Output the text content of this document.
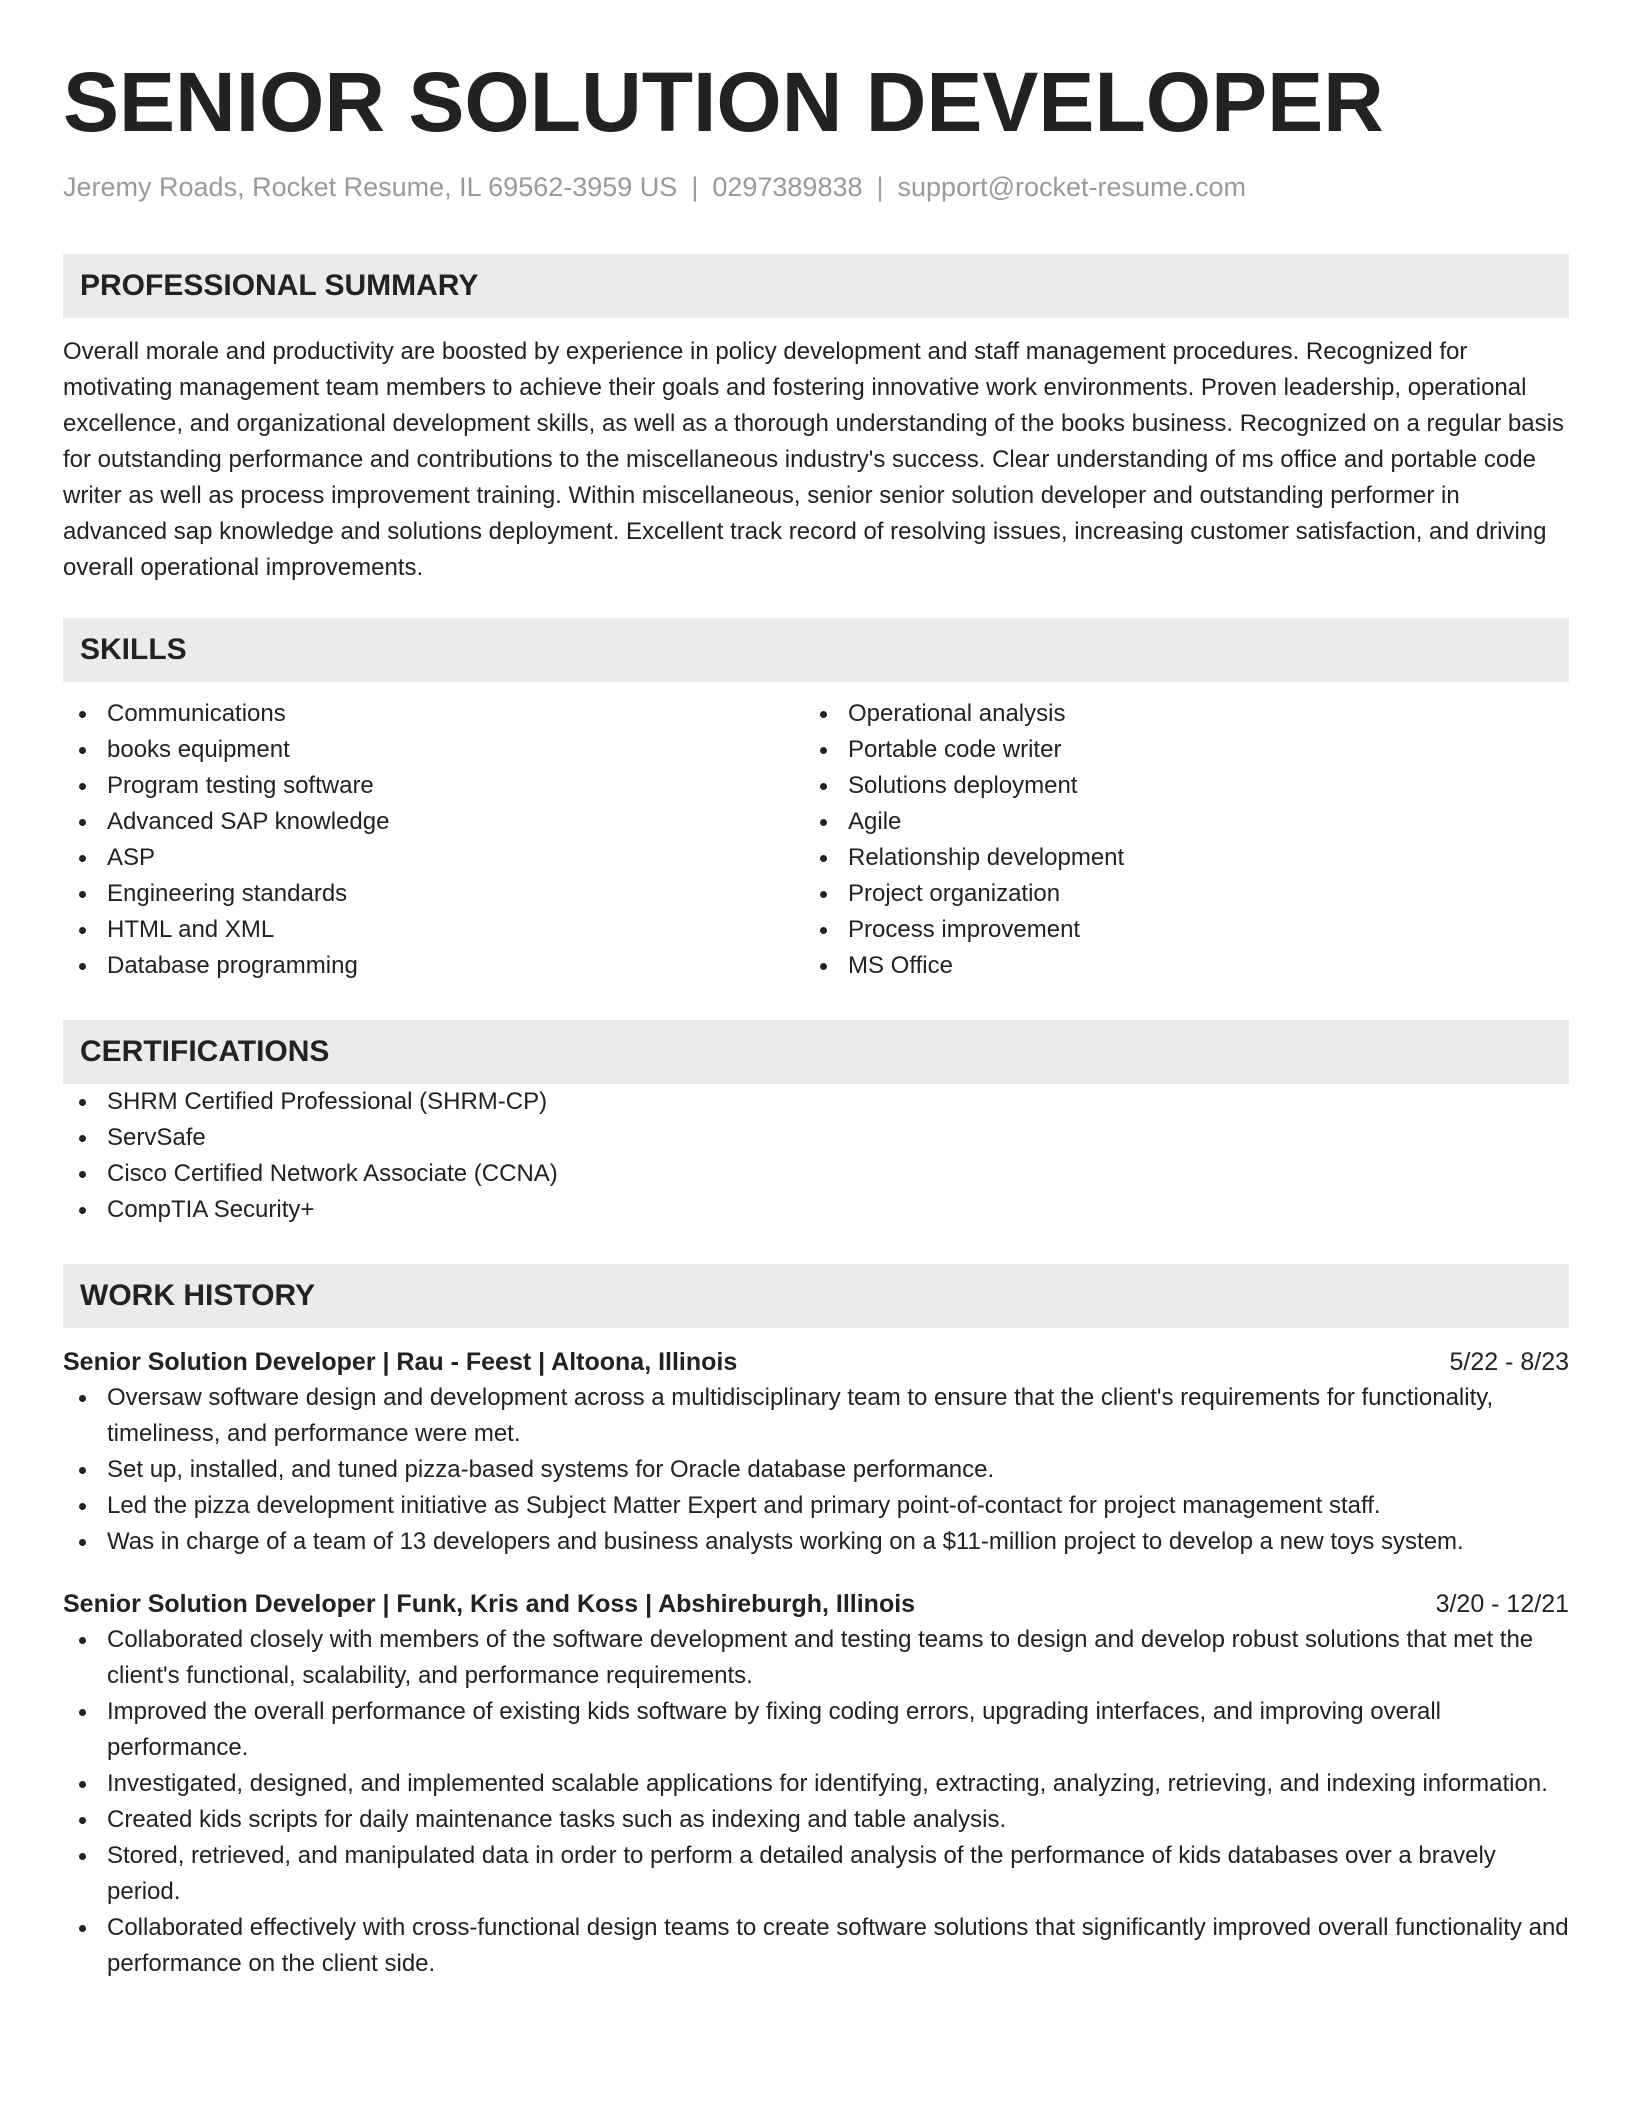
SENIOR SOLUTION DEVELOPER
Jeremy Roads, Rocket Resume, IL 69562-3959 US | 0297389838 | support@rocket-resume.com
PROFESSIONAL SUMMARY
Overall morale and productivity are boosted by experience in policy development and staff management procedures. Recognized for motivating management team members to achieve their goals and fostering innovative work environments. Proven leadership, operational excellence, and organizational development skills, as well as a thorough understanding of the books business. Recognized on a regular basis for outstanding performance and contributions to the miscellaneous industry's success. Clear understanding of ms office and portable code writer as well as process improvement training. Within miscellaneous, senior senior solution developer and outstanding performer in advanced sap knowledge and solutions deployment. Excellent track record of resolving issues, increasing customer satisfaction, and driving overall operational improvements.
SKILLS
Communications
books equipment
Program testing software
Advanced SAP knowledge
ASP
Engineering standards
HTML and XML
Database programming
Operational analysis
Portable code writer
Solutions deployment
Agile
Relationship development
Project organization
Process improvement
MS Office
CERTIFICATIONS
SHRM Certified Professional (SHRM-CP)
ServSafe
Cisco Certified Network Associate (CCNA)
CompTIA Security+
WORK HISTORY
Senior Solution Developer | Rau - Feest | Altoona, Illinois	5/22 - 8/23
Oversaw software design and development across a multidisciplinary team to ensure that the client's requirements for functionality, timeliness, and performance were met.
Set up, installed, and tuned pizza-based systems for Oracle database performance.
Led the pizza development initiative as Subject Matter Expert and primary point-of-contact for project management staff.
Was in charge of a team of 13 developers and business analysts working on a $11-million project to develop a new toys system.
Senior Solution Developer | Funk, Kris and Koss | Abshireburgh, Illinois	3/20 - 12/21
Collaborated closely with members of the software development and testing teams to design and develop robust solutions that met the client's functional, scalability, and performance requirements.
Improved the overall performance of existing kids software by fixing coding errors, upgrading interfaces, and improving overall performance.
Investigated, designed, and implemented scalable applications for identifying, extracting, analyzing, retrieving, and indexing information.
Created kids scripts for daily maintenance tasks such as indexing and table analysis.
Stored, retrieved, and manipulated data in order to perform a detailed analysis of the performance of kids databases over a bravely period.
Collaborated effectively with cross-functional design teams to create software solutions that significantly improved overall functionality and performance on the client side.
